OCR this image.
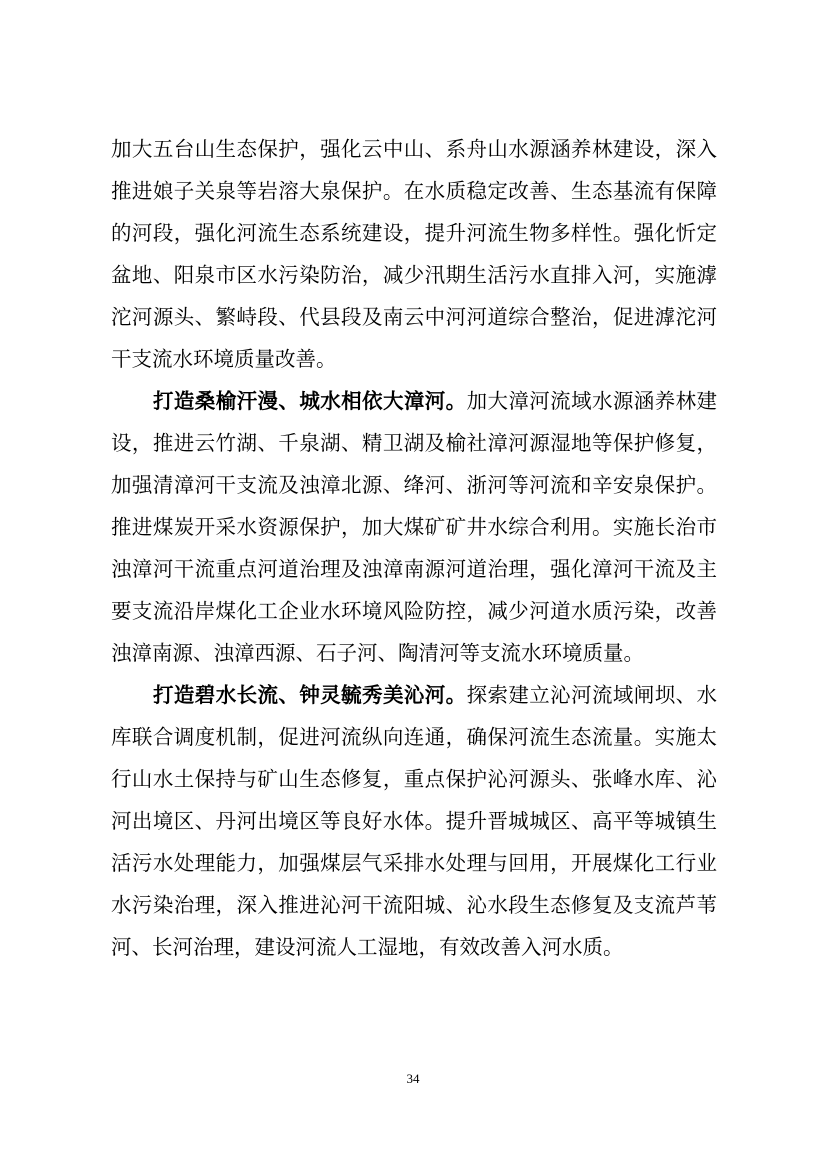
加大五台山生态保护，强化云中山、系舟山水源涵养林建设，深入推进娘子关泉等岩溶大泉保护。在水质稳定改善、生态基流有保障的河段，强化河流生态系统建设，提升河流生物多样性。强化忻定盆地、阳泉市区水污染防治，减少汛期生活污水直排入河，实施滹沱河源头、繁峙段、代县段及南云中河河道综合整治，促进滹沱河干支流水环境质量改善。

打造桑榆汗漫、城水相依大漳河。加大漳河流域水源涵养林建设，推进云竹湖、千泉湖、精卫湖及榆社漳河源湿地等保护修复，加强清漳河干支流及浊漳北源、绛河、浙河等河流和辛安泉保护。推进煤炭开采水资源保护，加大煤矿矿井水综合利用。实施长治市浊漳河干流重点河道治理及浊漳南源河道治理，强化漳河干流及主要支流沿岸煤化工企业水环境风险防控，减少河道水质污染，改善浊漳南源、浊漳西源、石子河、陶清河等支流水环境质量。

打造碧水长流、钟灵毓秀美沁河。探索建立沁河流域闸坝、水库联合调度机制，促进河流纵向连通，确保河流生态流量。实施太行山水土保持与矿山生态修复，重点保护沁河源头、张峰水库、沁河出境区、丹河出境区等良好水体。提升晋城城区、高平等城镇生活污水处理能力，加强煤层气采排水处理与回用，开展煤化工行业水污染治理，深入推进沁河干流阳城、沁水段生态修复及支流芦苇河、长河治理，建设河流人工湿地，有效改善入河水质。

34
